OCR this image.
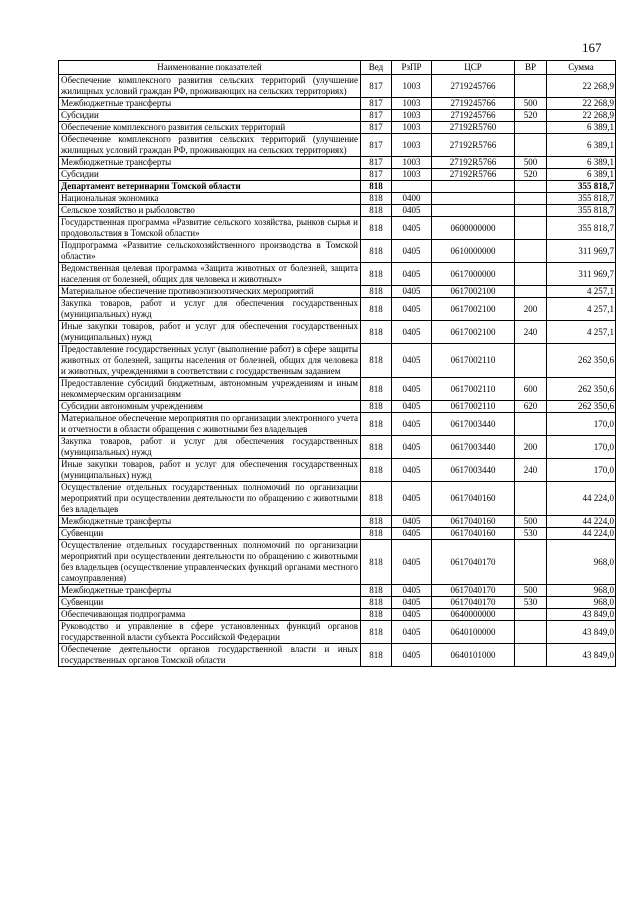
167
Наименование показателей	Вед	РзПР	ЦСР	ВР	Сумма
Обеспечение комплексного развития сельских территорий (улучшение жилищных условий граждан РФ, проживающих на сельских территориях)	817	1003	2719245766		22 268,9
Межбюджетные трансферты	817	1003	2719245766	500	22 268,9
Субсидии	817	1003	2719245766	520	22 268,9
Обеспечение комплексного развития сельских территорий	817	1003	27192R5760		6 389,1
Обеспечение комплексного развития сельских территорий (улучшение жилищных условий граждан РФ, проживающих на сельских территориях)	817	1003	27192R5766		6 389,1
Межбюджетные трансферты	817	1003	27192R5766	500	6 389,1
Субсидии	817	1003	27192R5766	520	6 389,1
Департамент ветеринарии Томской области	818				355 818,7
Национальная экономика	818	0400			355 818,7
Сельское хозяйство и рыболовство	818	0405			355 818,7
Государственная программа «Развитие сельского хозяйства, рынков сырья и продовольствия в Томской области»	818	0405	0600000000		355 818,7
Подпрограмма «Развитие сельскохозяйственного производства в Томской области»	818	0405	0610000000		311 969,7
Ведомственная целевая программа «Защита животных от болезней, защита населения от болезней, общих для человека и животных»	818	0405	0617000000		311 969,7
Материальное обеспечение противоэпизоотических мероприятий	818	0405	0617002100		4 257,1
Закупка товаров, работ и услуг для обеспечения государственных (муниципальных) нужд	818	0405	0617002100	200	4 257,1
Иные закупки товаров, работ и услуг для обеспечения государственных (муниципальных) нужд	818	0405	0617002100	240	4 257,1
Предоставление государственных услуг (выполнение работ) в сфере защиты животных от болезней, защиты населения от болезней, общих для человека и животных, учреждениями в соответствии с государственным заданием	818	0405	0617002110		262 350,6
Предоставление субсидий бюджетным, автономным учреждениям и иным некоммерческим организациям	818	0405	0617002110	600	262 350,6
Субсидии автономным учреждениям	818	0405	0617002110	620	262 350,6
Материальное обеспечение мероприятия по организации электронного учета и отчетности в области обращения с животными без владельцев	818	0405	0617003440		170,0
Закупка товаров, работ и услуг для обеспечения государственных (муниципальных) нужд	818	0405	0617003440	200	170,0
Иные закупки товаров, работ и услуг для обеспечения государственных (муниципальных) нужд	818	0405	0617003440	240	170,0
Осуществление отдельных государственных полномочий по организации мероприятий при осуществлении деятельности по обращению с животными без владельцев	818	0405	0617040160		44 224,0
Межбюджетные трансферты	818	0405	0617040160	500	44 224,0
Субвенции	818	0405	0617040160	530	44 224,0
Осуществление отдельных государственных полномочий по организации мероприятий при осуществлении деятельности по обращению с животными без владельцев (осуществление управленческих функций органами местного самоуправления)	818	0405	0617040170		968,0
Межбюджетные трансферты	818	0405	0617040170	500	968,0
Субвенции	818	0405	0617040170	530	968,0
Обеспечивающая подпрограмма	818	0405	0640000000		43 849,0
Руководство и управление в сфере установленных функций органов государственной власти субъекта Российской Федерации	818	0405	0640100000		43 849,0
Обеспечение деятельности органов государственной власти и иных государственных органов Томской области	818	0405	0640101000		43 849,0
